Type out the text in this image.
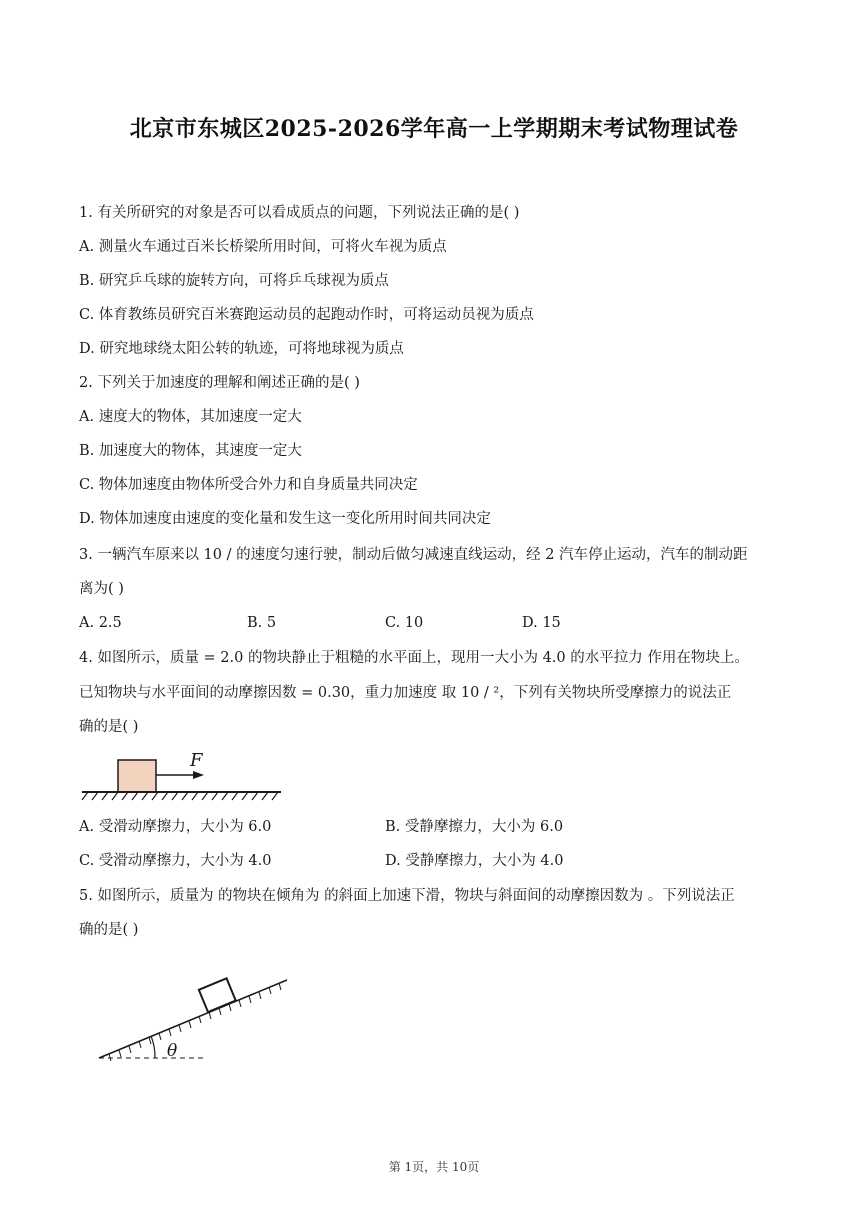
北京市东城区2025-2026学年高一上学期期末考试物理试卷
1. 有关所研究的对象是否可以看成质点的问题，下列说法正确的是( )
A. 测量火车通过百米长桥梁所用时间，可将火车视为质点
B. 研究乒乓球的旋转方向，可将乒乓球视为质点
C. 体育教练员研究百米赛跑运动员的起跑动作时，可将运动员视为质点
D. 研究地球绕太阳公转的轨迹，可将地球视为质点
2. 下列关于加速度的理解和阐述正确的是( )
A. 速度大的物体，其加速度一定大
B. 加速度大的物体，其速度一定大
C. 物体加速度由物体所受合外力和自身质量共同决定
D. 物体加速度由速度的变化量和发生这一变化所用时间共同决定
3. 一辆汽车原来以 10 / 的速度匀速行驶，制动后做匀减速直线运动，经 2 汽车停止运动，汽车的制动距
离为( )
A. 2.5	B. 5	C. 10	D. 15
4. 如图所示，质量 = 2.0 的物块静止于粗糙的水平面上，现用一大小为 4.0 的水平拉力 作用在物块上。
已知物块与水平面间的动摩擦因数 = 0.30，重力加速度 取 10 / ²，下列有关物块所受摩擦力的说法正
确的是( )
F
A. 受滑动摩擦力，大小为 6.0	B. 受静摩擦力，大小为 6.0
C. 受滑动摩擦力，大小为 4.0	D. 受静摩擦力，大小为 4.0
5. 如图所示，质量为 的物块在倾角为 的斜面上加速下滑，物块与斜面间的动摩擦因数为 。下列说法正
确的是( )
θ
第 1页，共 10页
